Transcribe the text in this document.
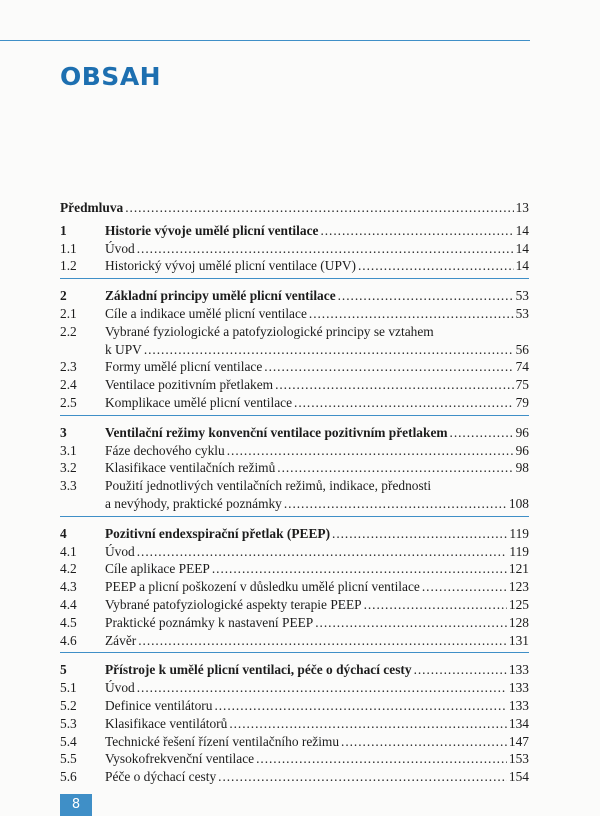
OBSAH
Předmluva . . .	13
1	Historie vývoje umělé plicní ventilace . . .	14
1.1	Úvod . . .	14
1.2	Historický vývoj umělé plicní ventilace (UPV) . . .	14
2	Základní principy umělé plicní ventilace . . .	53
2.1	Cíle a indikace umělé plicní ventilace . . .	53
2.2	Vybrané fyziologické a patofyziologické principy se vztahem
k UPV . . .	56
2.3	Formy umělé plicní ventilace . . .	74
2.4	Ventilace pozitivním přetlakem . . .	75
2.5	Komplikace umělé plicní ventilace . . .	79
3	Ventilační režimy konvenční ventilace pozitivním přetlakem . . .	96
3.1	Fáze dechového cyklu . . .	96
3.2	Klasifikace ventilačních režimů . . .	98
3.3	Použití jednotlivých ventilačních režimů, indikace, přednosti
a nevýhody, praktické poznámky . . .	108
4	Pozitivní endexspirační přetlak (PEEP) . . .	119
4.1	Úvod . . .	119
4.2	Cíle aplikace PEEP . . .	121
4.3	PEEP a plicní poškození v důsledku umělé plicní ventilace . . .	123
4.4	Vybrané patofyziologické aspekty terapie PEEP . . .	125
4.5	Praktické poznámky k nastavení PEEP . . .	128
4.6	Závěr . . .	131
5	Přístroje k umělé plicní ventilaci, péče o dýchací cesty . . .	133
5.1	Úvod . . .	133
5.2	Definice ventilátoru . . .	133
5.3	Klasifikace ventilátorů . . .	134
5.4	Technické řešení řízení ventilačního režimu . . .	147
5.5	Vysokofrekvenční ventilace . . .	153
5.6	Péče o dýchací cesty . . .	154
8
